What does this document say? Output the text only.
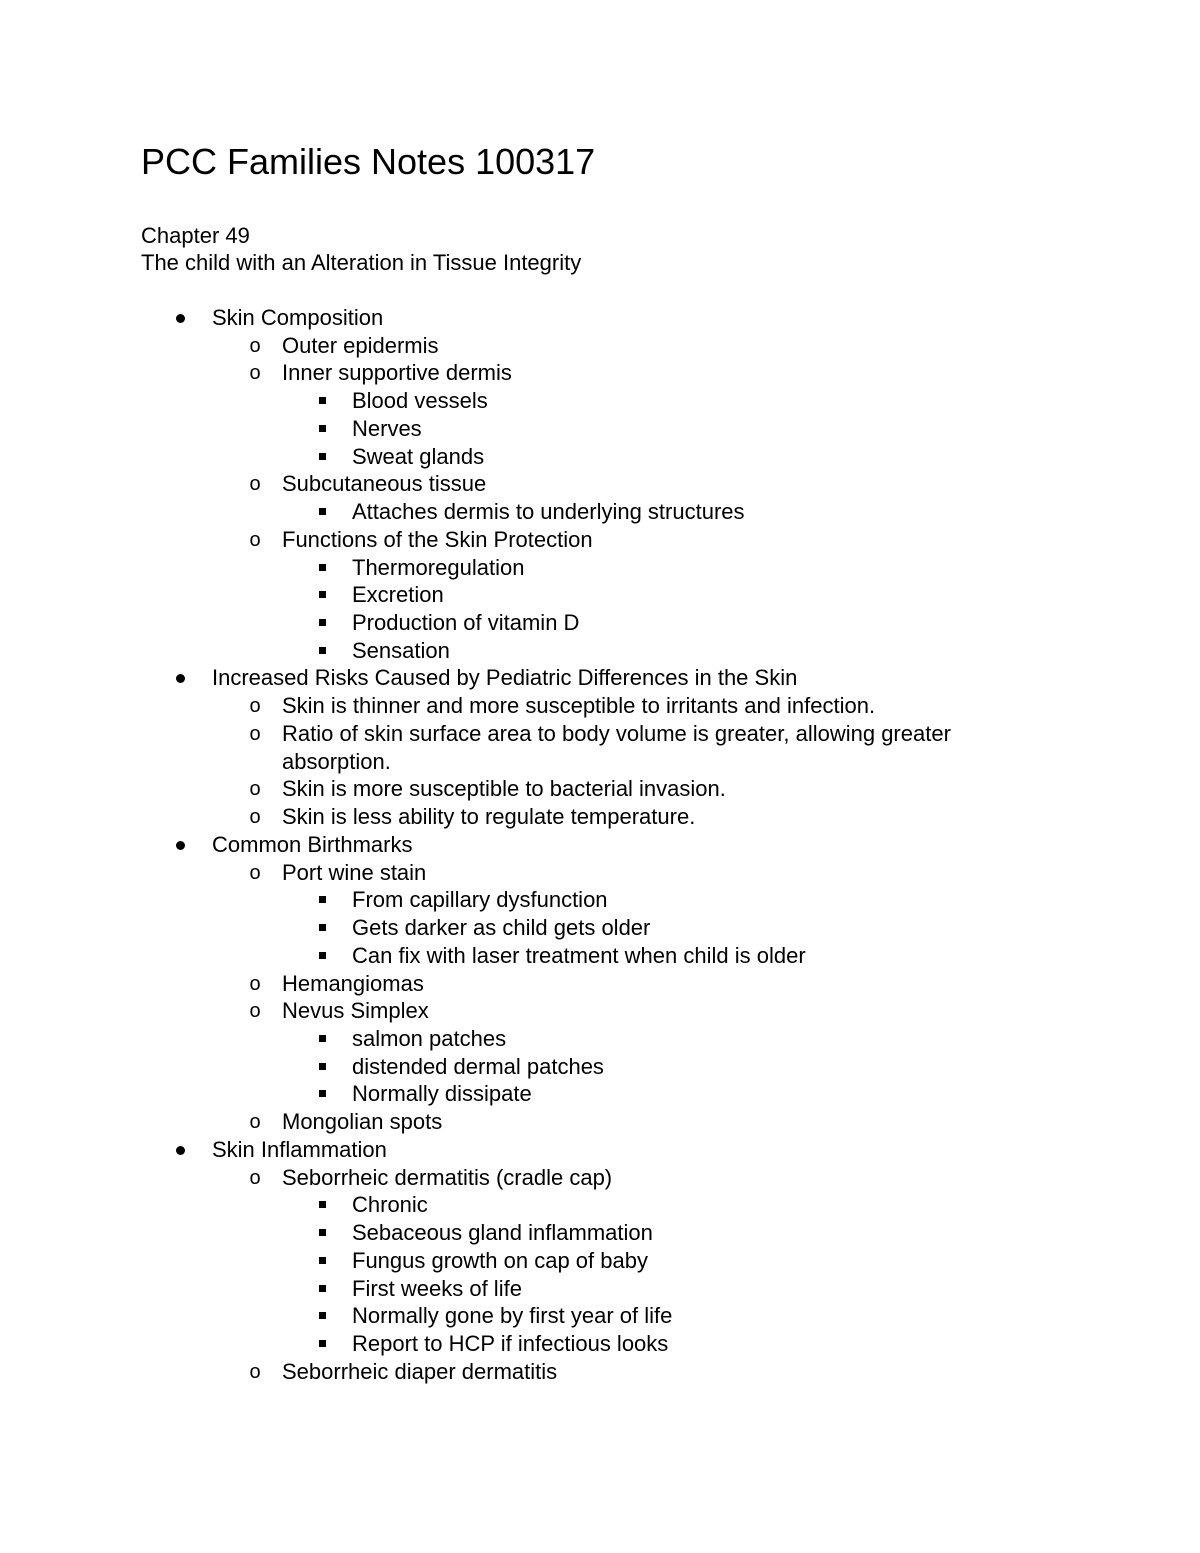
PCC Families Notes 100317
Chapter 49
The child with an Alteration in Tissue Integrity
Skin Composition
o Outer epidermis
o Inner supportive dermis
Blood vessels
Nerves
Sweat glands
o Subcutaneous tissue
Attaches dermis to underlying structures
o Functions of the Skin Protection
Thermoregulation
Excretion
Production of vitamin D
Sensation
Increased Risks Caused by Pediatric Differences in the Skin
o Skin is thinner and more susceptible to irritants and infection.
o Ratio of skin surface area to body volume is greater, allowing greater
absorption.
o Skin is more susceptible to bacterial invasion.
o Skin is less ability to regulate temperature.
Common Birthmarks
o Port wine stain
From capillary dysfunction
Gets darker as child gets older
Can fix with laser treatment when child is older
o Hemangiomas
o Nevus Simplex
salmon patches
distended dermal patches
Normally dissipate
o Mongolian spots
Skin Inflammation
o Seborrheic dermatitis (cradle cap)
Chronic
Sebaceous gland inflammation
Fungus growth on cap of baby
First weeks of life
Normally gone by first year of life
Report to HCP if infectious looks
o Seborrheic diaper dermatitis
